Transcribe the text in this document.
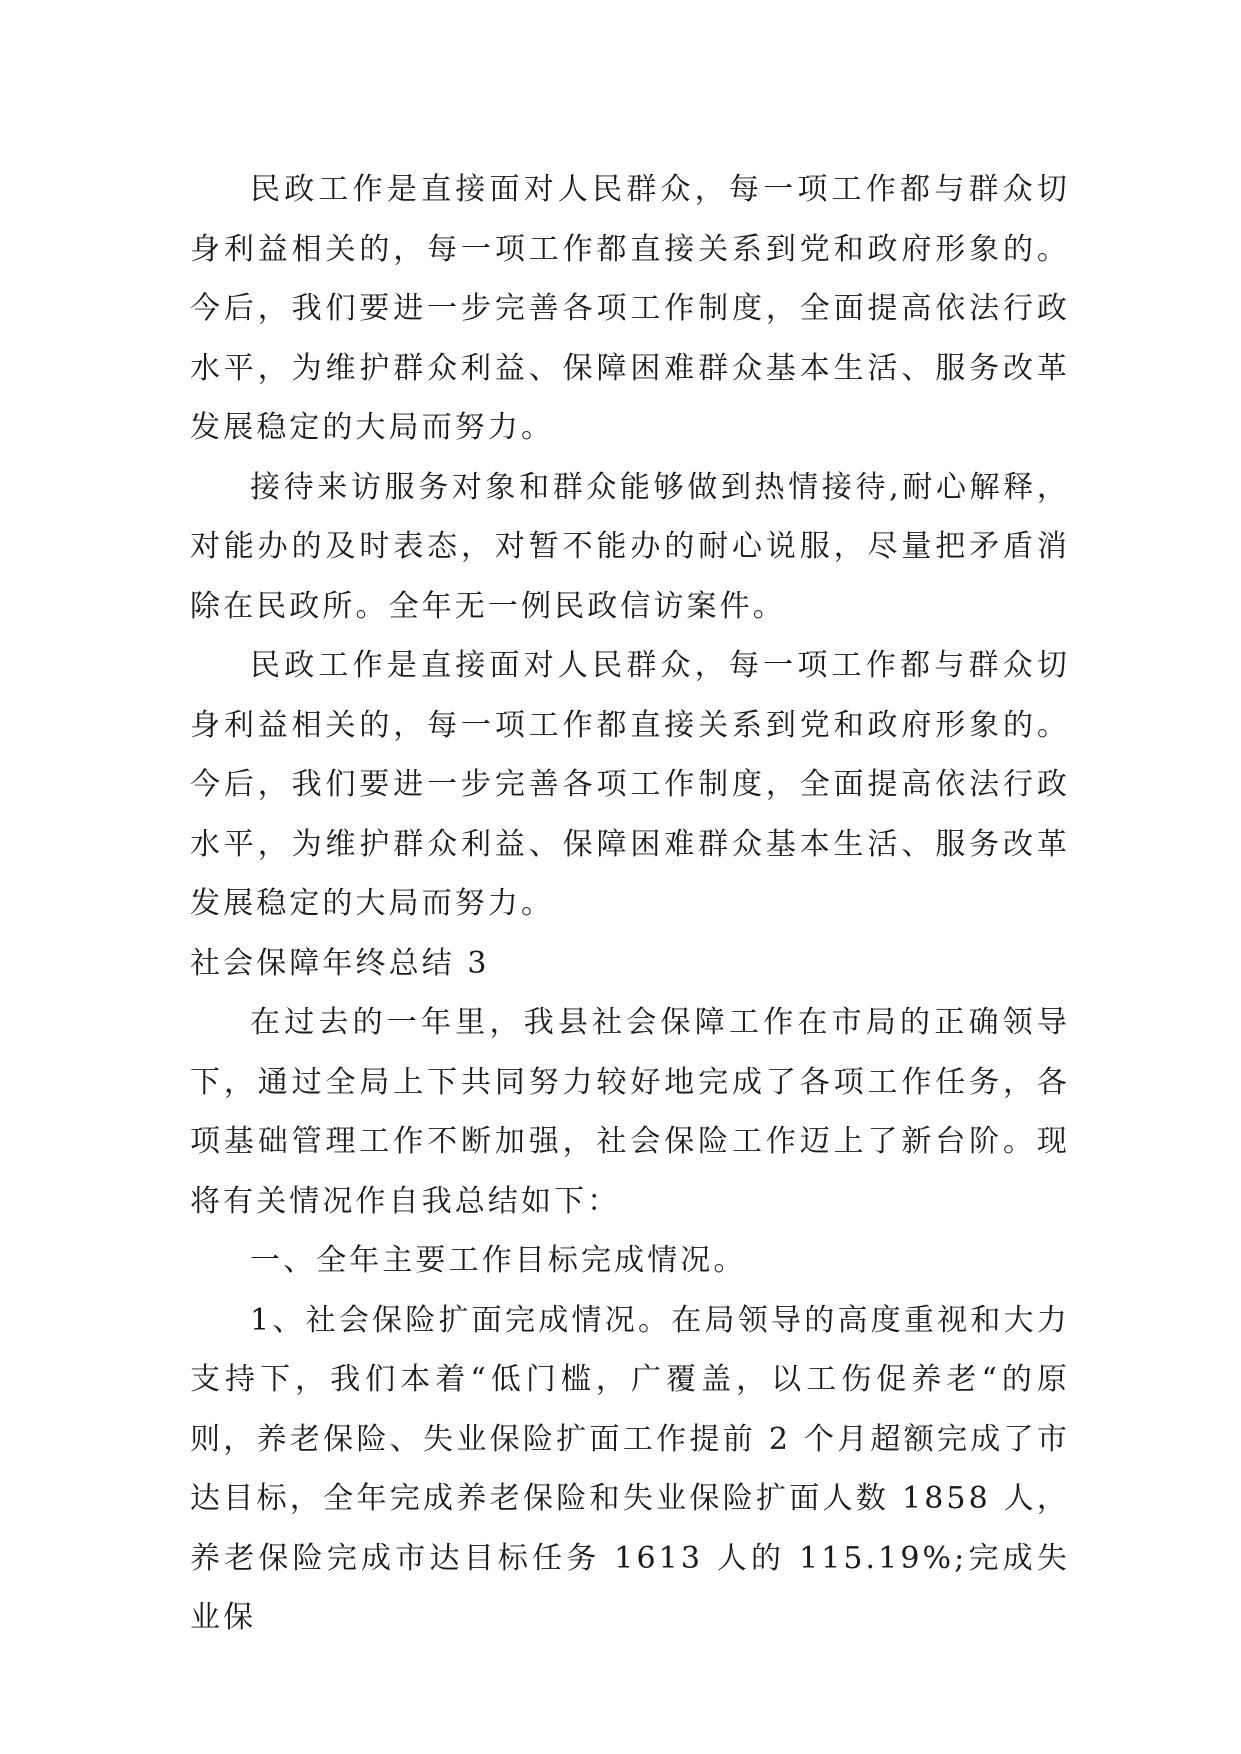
民政工作是直接面对人民群众，每一项工作都与群众切身利益相关的，每一项工作都直接关系到党和政府形象的。今后，我们要进一步完善各项工作制度，全面提高依法行政水平，为维护群众利益、保障困难群众基本生活、服务改革发展稳定的大局而努力。

接待来访服务对象和群众能够做到热情接待,耐心解释，对能办的及时表态，对暂不能办的耐心说服，尽量把矛盾消除在民政所。全年无一例民政信访案件。

民政工作是直接面对人民群众，每一项工作都与群众切身利益相关的，每一项工作都直接关系到党和政府形象的。今后，我们要进一步完善各项工作制度，全面提高依法行政水平，为维护群众利益、保障困难群众基本生活、服务改革发展稳定的大局而努力。

社会保障年终总结 3

在过去的一年里，我县社会保障工作在市局的正确领导下，通过全局上下共同努力较好地完成了各项工作任务，各项基础管理工作不断加强，社会保险工作迈上了新台阶。现将有关情况作自我总结如下：

一、全年主要工作目标完成情况。

1、社会保险扩面完成情况。在局领导的高度重视和大力支持下，我们本着“低门槛，广覆盖，以工伤促养老“的原则，养老保险、失业保险扩面工作提前 2 个月超额完成了市达目标，全年完成养老保险和失业保险扩面人数 1858 人，养老保险完成市达目标任务 1613 人的 115.19%;完成失业保
